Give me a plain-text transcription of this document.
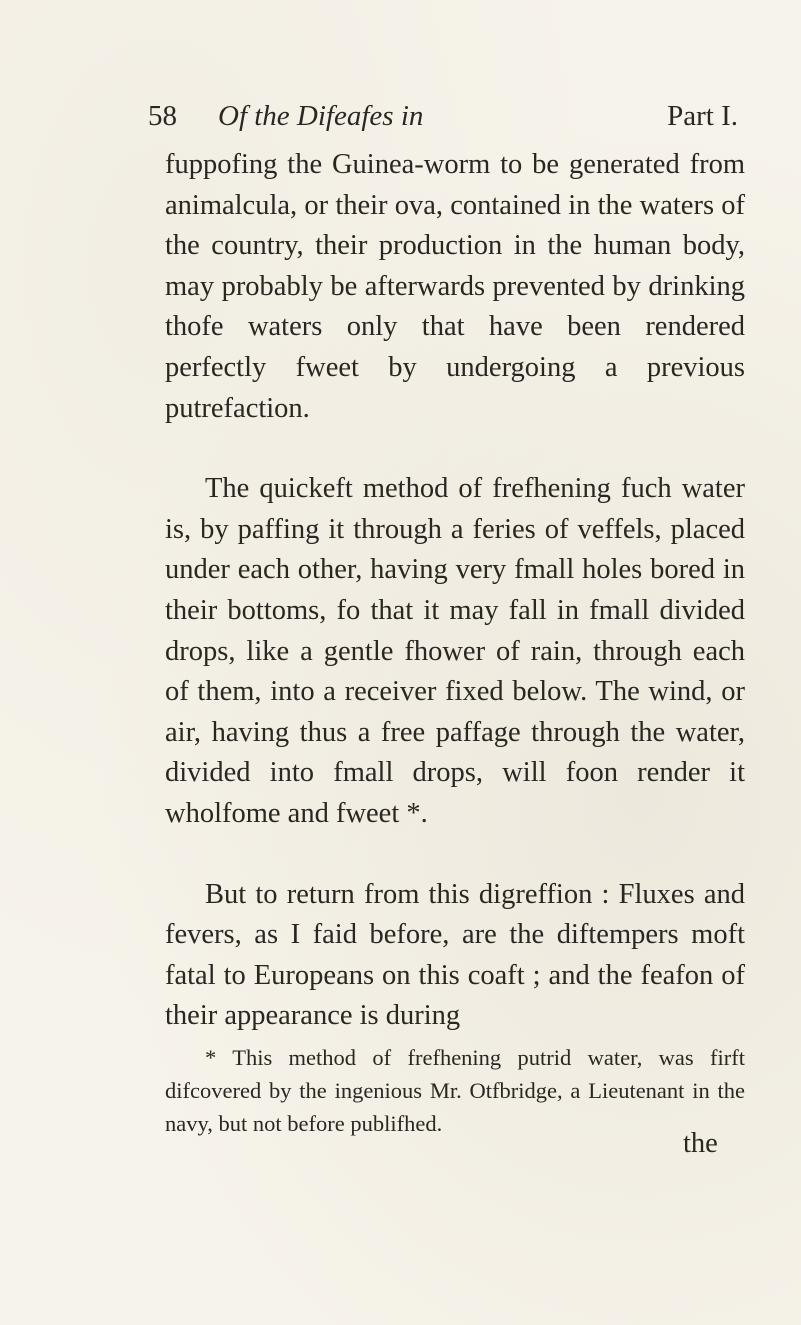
58 Of the Difeafes in	Part I.

fuppofing the Guinea-worm to be generated from animalcula, or their ova, contained in the waters of the country, their production in the human body, may probably be afterwards prevented by drinking thofe waters only that have been rendered perfectly fweet by undergoing a previous putrefaction.

The quickeft method of frefhening fuch water is, by paffing it through a feries of veffels, placed under each other, having very fmall holes bored in their bottoms, fo that it may fall in fmall divided drops, like a gentle fhower of rain, through each of them, into a receiver fixed below. The wind, or air, having thus a free paffage through the water, divided into fmall drops, will foon render it wholfome and fweet *.

But to return from this digreffion : Fluxes and fevers, as I faid before, are the diftempers moft fatal to Europeans on this coaft ; and the feafon of their appearance is during

* This method of frefhening putrid water, was firft difcovered by the ingenious Mr. Otfbridge, a Lieutenant in the navy, but not before publifhed.

the
